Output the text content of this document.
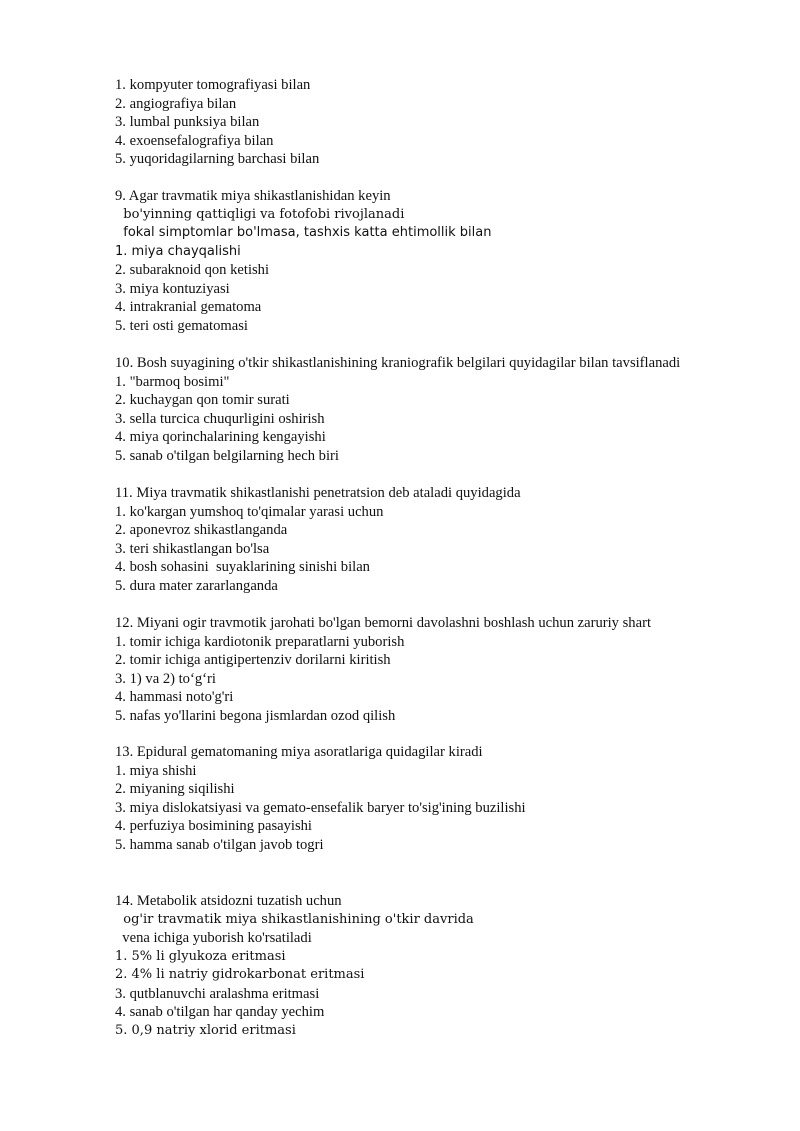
1. kompyuter tomografiyasi bilan
2. angiografiya bilan
3. lumbal punksiya bilan
4. exoensefalografiya bilan
5. yuqoridagilarning barchasi bilan
9. Agar travmatik miya shikastlanishidan keyin
bo'yinning qattiqligi va fotofobi rivojlanadi
fokal simptomlar bo'lmasa, tashxis katta ehtimollik bilan
1. miya chayqalishi
2. subaraknoid qon ketishi
3. miya kontuziyasi
4. intrakranial gematoma
5. teri osti gematomasi
10. Bosh suyagining o'tkir shikastlanishining kraniografik belgilari quyidagilar bilan tavsiflanadi
1. "barmoq bosimi"
2. kuchaygan qon tomir surati
3. sella turcica chuqurligini oshirish
4. miya qorinchalarining kengayishi
5. sanab o'tilgan belgilarning hech biri
11. Miya travmatik shikastlanishi penetratsion deb ataladi quyidagida
1. ko'kargan yumshoq to'qimalar yarasi uchun
2. aponevroz shikastlanganda
3. teri shikastlangan bo'lsa
4. bosh sohasini  suyaklarining sinishi bilan
5. dura mater zararlanganda
12. Miyani ogir travmotik jarohati bo'lgan bemorni davolashni boshlash uchun zaruriy shart
1. tomir ichiga kardiotonik preparatlarni yuborish
2. tomir ichiga antigipertenziv dorilarni kiritish
3. 1) va 2) to‘g‘ri
4. hammasi noto'g'ri
5. nafas yo'llarini begona jismlardan ozod qilish
13. Epidural gematomaning miya asoratlariga quidagilar kiradi
1. miya shishi
2. miyaning siqilishi
3. miya dislokatsiyasi va gemato-ensefalik baryer to'sig'ining buzilishi
4. perfuziya bosimining pasayishi
5. hamma sanab o'tilgan javob togri
14. Metabolik atsidozni tuzatish uchun
og'ir travmatik miya shikastlanishining o'tkir davrida
vena ichiga yuborish ko'rsatiladi
1. 5% li glyukoza eritmasi
2. 4% li natriy gidrokarbonat eritmasi
3. qutblanuvchi aralashma eritmasi
4. sanab o'tilgan har qanday yechim
5. 0,9 natriy xlorid eritmasi
